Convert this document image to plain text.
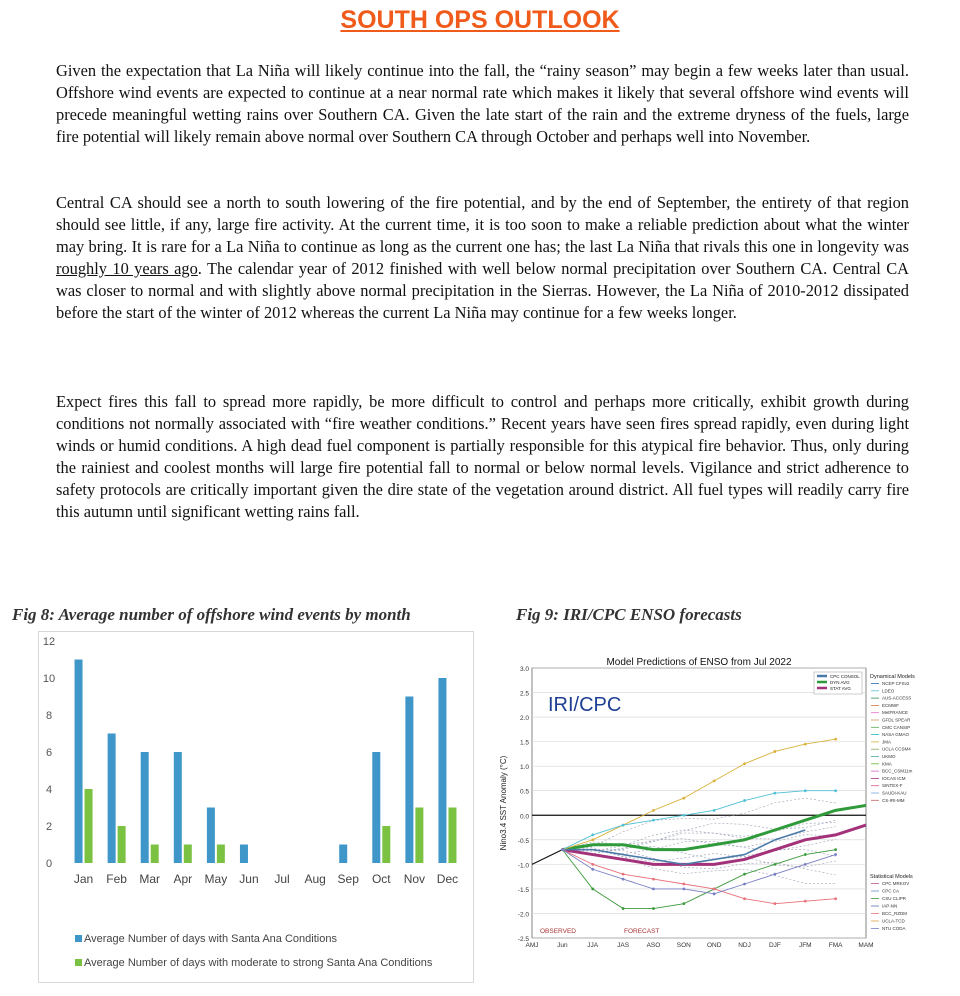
SOUTH OPS OUTLOOK

Given the expectation that La Niña will likely continue into the fall, the “rainy season” may begin a few weeks later than usual. Offshore wind events are expected to continue at a near normal rate which makes it likely that several offshore wind events will precede meaningful wetting rains over Southern CA. Given the late start of the rain and the extreme dryness of the fuels, large fire potential will likely remain above normal over Southern CA through October and perhaps well into November.

Central CA should see a north to south lowering of the fire potential, and by the end of September, the entirety of that region should see little, if any, large fire activity. At the current time, it is too soon to make a reliable prediction about what the winter may bring. It is rare for a La Niña to continue as long as the current one has; the last La Niña that rivals this one in longevity was roughly 10 years ago. The calendar year of 2012 finished with well below normal precipitation over Southern CA. Central CA was closer to normal and with slightly above normal precipitation in the Sierras. However, the La Niña of 2010-2012 dissipated before the start of the winter of 2012 whereas the current La Niña may continue for a few weeks longer.

Expect fires this fall to spread more rapidly, be more difficult to control and perhaps more critically, exhibit growth during conditions not normally associated with “fire weather conditions.” Recent years have seen fires spread rapidly, even during light winds or humid conditions. A high dead fuel component is partially responsible for this atypical fire behavior. Thus, only during the rainiest and coolest months will large fire potential fall to normal or below normal levels. Vigilance and strict adherence to safety protocols are critically important given the dire state of the vegetation around district. All fuel types will readily carry fire this autumn until significant wetting rains fall.

Fig 8: Average number of offshore wind events by month	Fig 9: IRI/CPC ENSO forecasts
0
2
4
6
8
10
12
Jan Feb Mar Apr May Jun Jul Aug Sep Oct Nov Dec
Average Number of days with Santa Ana Conditions
Average Number of days with moderate to strong Santa Ana Conditions
Model Predictions of ENSO from Jul 2022
3.0
2.5
2.0
1.5
1.0
0.5
0.0
-0.5
-1.0
-1.5
-2.0
-2.5
AMJ	Jun	JJA	JAS	ASO	SON OND	NDJ	DJF	JFM	FMA MAM
Nino3.4 SST Anomaly (°C)
IRI/CPC
OBSERVED	FORECAST
CPC CONSOL
DYN AVG
STAT AVG
Dynamical Models
NCEP CFSv2
LDEO
AUS-ACCESS
ECMWF
MetFRANCE
GFDL SPEAR
CMC CANSIP
NASA GMAO
JMA
UCLA CCSM4
UKMO
KMA
BCC_CSM11m
IOCAS ICM
SINTEX-F
SAUDI-KAU
CS-IRI-MM
Statistical Models
CPC MRKOV
CPC CA
CSU CLIPR
IAP-NN
BCC_RZDM
UCLA-TCD
NTU CODA
